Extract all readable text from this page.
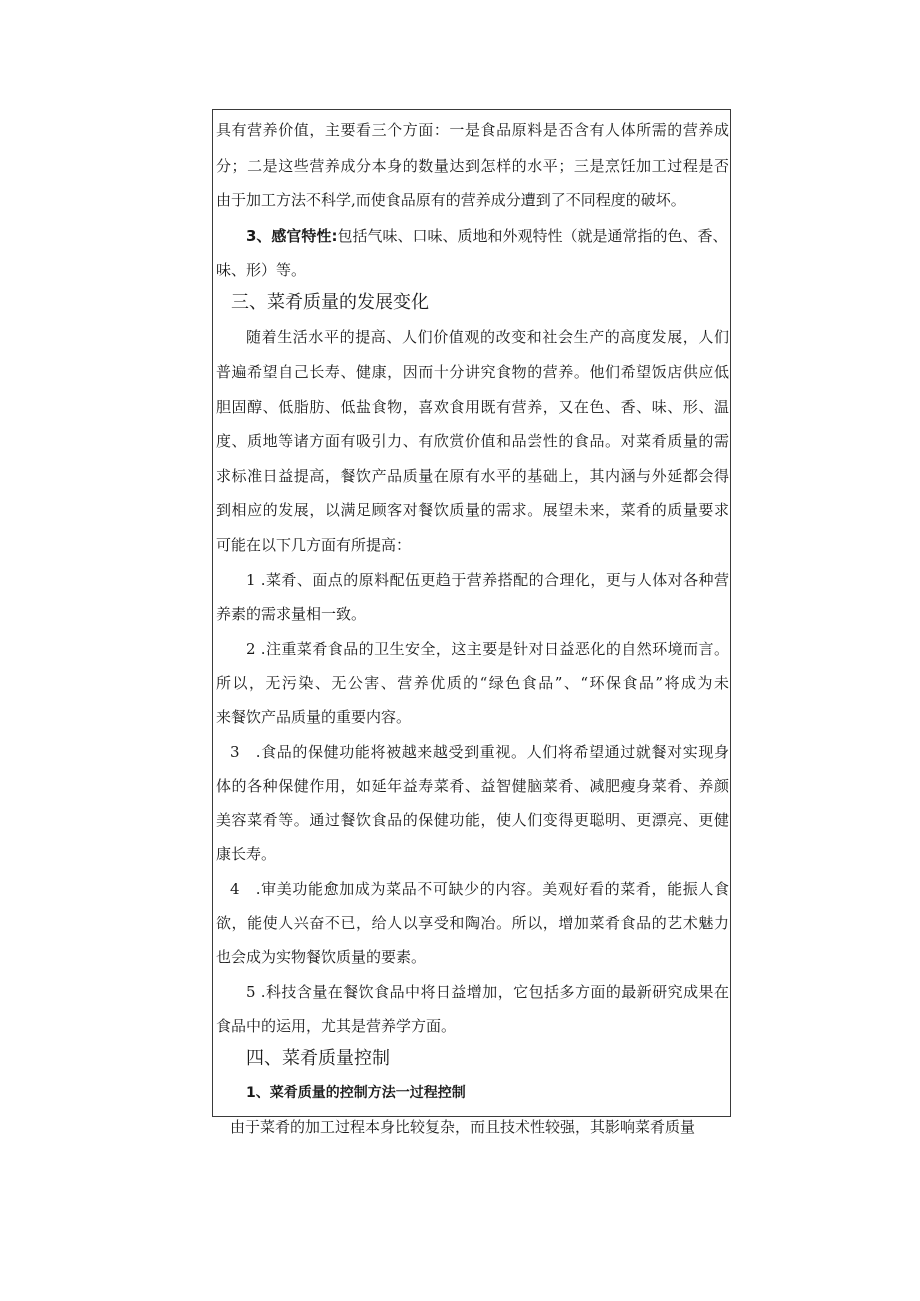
具有营养价值，主要看三个方面：一是食品原料是否含有人体所需的营养成
分；二是这些营养成分本身的数量达到怎样的水平；三是烹饪加工过程是否
由于加工方法不科学,而使食品原有的营养成分遭到了不同程度的破坏。
3、感官特性:包括气味、口味、质地和外观特性（就是通常指的色、香、
味、形）等。
三、菜肴质量的发展变化
随着生活水平的提高、人们价值观的改变和社会生产的高度发展，人们
普遍希望自己长寿、健康，因而十分讲究食物的营养。他们希望饭店供应低
胆固醇、低脂肪、低盐食物，喜欢食用既有营养，又在色、香、味、形、温
度、质地等诸方面有吸引力、有欣赏价值和品尝性的食品。对菜肴质量的需
求标准日益提高，餐饮产品质量在原有水平的基础上，其内涵与外延都会得
到相应的发展，以满足顾客对餐饮质量的需求。展望未来，菜肴的质量要求
可能在以下几方面有所提高：
1 .菜肴、面点的原料配伍更趋于营养搭配的合理化，更与人体对各种营
养素的需求量相一致。
2 .注重菜肴食品的卫生安全，这主要是针对日益恶化的自然环境而言。
所以，无污染、无公害、营养优质的“绿色食品”、“环保食品”将成为未
来餐饮产品质量的重要内容。
3　.食品的保健功能将被越来越受到重视。人们将希望通过就餐对实现身
体的各种保健作用，如延年益寿菜肴、益智健脑菜肴、减肥瘦身菜肴、养颜
美容菜肴等。通过餐饮食品的保健功能，使人们变得更聪明、更漂亮、更健
康长寿。
4　.审美功能愈加成为菜品不可缺少的内容。美观好看的菜肴，能振人食
欲，能使人兴奋不已，给人以享受和陶冶。所以，增加菜肴食品的艺术魅力
也会成为实物餐饮质量的要素。
5 .科技含量在餐饮食品中将日益增加，它包括多方面的最新研究成果在
食品中的运用，尤其是营养学方面。
四、菜肴质量控制
1、菜肴质量的控制方法一过程控制
由于菜肴的加工过程本身比较复杂，而且技术性较强，其影响菜肴质量
